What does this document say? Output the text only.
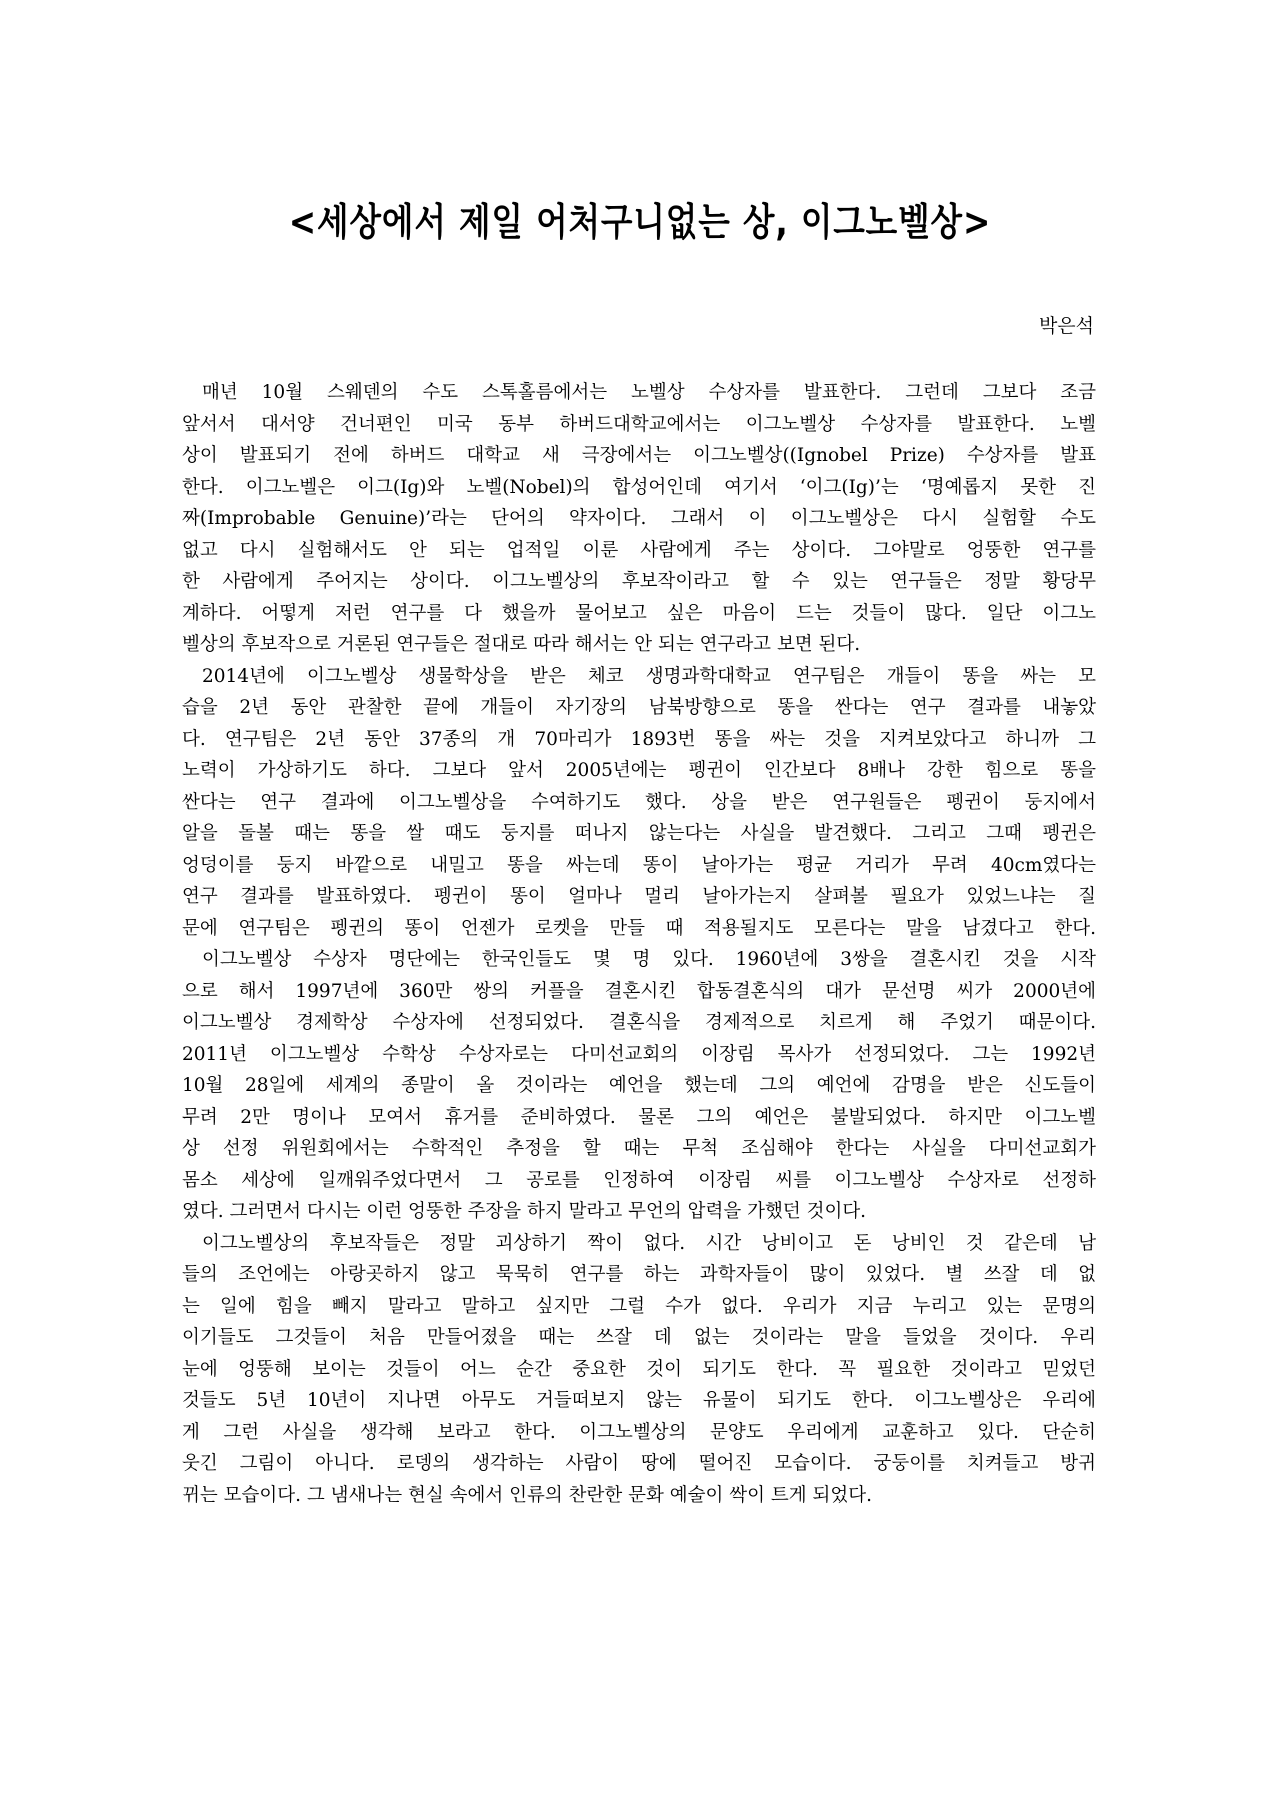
<세상에서 제일 어처구니없는 상, 이그노벨상>
박은석
매년 10월 스웨덴의 수도 스톡홀름에서는 노벨상 수상자를 발표한다. 그런데 그보다 조금
앞서서 대서양 건너편인 미국 동부 하버드대학교에서는 이그노벨상 수상자를 발표한다. 노벨
상이 발표되기 전에 하버드 대학교 새 극장에서는 이그노벨상((Ignobel Prize) 수상자를 발표
한다. 이그노벨은 이그(Ig)와 노벨(Nobel)의 합성어인데 여기서 ‘이그(Ig)’는 ‘명예롭지 못한 진
짜(Improbable Genuine)’라는 단어의 약자이다. 그래서 이 이그노벨상은 다시 실험할 수도
없고 다시 실험해서도 안 되는 업적일 이룬 사람에게 주는 상이다. 그야말로 엉뚱한 연구를
한 사람에게 주어지는 상이다. 이그노벨상의 후보작이라고 할 수 있는 연구들은 정말 황당무
계하다. 어떻게 저런 연구를 다 했을까 물어보고 싶은 마음이 드는 것들이 많다. 일단 이그노
벨상의 후보작으로 거론된 연구들은 절대로 따라 해서는 안 되는 연구라고 보면 된다.
2014년에 이그노벨상 생물학상을 받은 체코 생명과학대학교 연구팀은 개들이 똥을 싸는 모
습을 2년 동안 관찰한 끝에 개들이 자기장의 남북방향으로 똥을 싼다는 연구 결과를 내놓았
다. 연구팀은 2년 동안 37종의 개 70마리가 1893번 똥을 싸는 것을 지켜보았다고 하니까 그
노력이 가상하기도 하다. 그보다 앞서 2005년에는 펭귄이 인간보다 8배나 강한 힘으로 똥을
싼다는 연구 결과에 이그노벨상을 수여하기도 했다. 상을 받은 연구원들은 펭귄이 둥지에서
알을 돌볼 때는 똥을 쌀 때도 둥지를 떠나지 않는다는 사실을 발견했다. 그리고 그때 펭귄은
엉덩이를 둥지 바깥으로 내밀고 똥을 싸는데 똥이 날아가는 평균 거리가 무려 40cm였다는
연구 결과를 발표하였다. 펭귄이 똥이 얼마나 멀리 날아가는지 살펴볼 필요가 있었느냐는 질
문에 연구팀은 펭귄의 똥이 언젠가 로켓을 만들 때 적용될지도 모른다는 말을 남겼다고 한다.
이그노벨상 수상자 명단에는 한국인들도 몇 명 있다. 1960년에 3쌍을 결혼시킨 것을 시작
으로 해서 1997년에 360만 쌍의 커플을 결혼시킨 합동결혼식의 대가 문선명 씨가 2000년에
이그노벨상 경제학상 수상자에 선정되었다. 결혼식을 경제적으로 치르게 해 주었기 때문이다.
2011년 이그노벨상 수학상 수상자로는 다미선교회의 이장림 목사가 선정되었다. 그는 1992년
10월 28일에 세계의 종말이 올 것이라는 예언을 했는데 그의 예언에 감명을 받은 신도들이
무려 2만 명이나 모여서 휴거를 준비하였다. 물론 그의 예언은 불발되었다. 하지만 이그노벨
상 선정 위원회에서는 수학적인 추정을 할 때는 무척 조심해야 한다는 사실을 다미선교회가
몸소 세상에 일깨워주었다면서 그 공로를 인정하여 이장림 씨를 이그노벨상 수상자로 선정하
였다. 그러면서 다시는 이런 엉뚱한 주장을 하지 말라고 무언의 압력을 가했던 것이다.
이그노벨상의 후보작들은 정말 괴상하기 짝이 없다. 시간 낭비이고 돈 낭비인 것 같은데 남
들의 조언에는 아랑곳하지 않고 묵묵히 연구를 하는 과학자들이 많이 있었다. 별 쓰잘 데 없
는 일에 힘을 빼지 말라고 말하고 싶지만 그럴 수가 없다. 우리가 지금 누리고 있는 문명의
이기들도 그것들이 처음 만들어졌을 때는 쓰잘 데 없는 것이라는 말을 들었을 것이다. 우리
눈에 엉뚱해 보이는 것들이 어느 순간 중요한 것이 되기도 한다. 꼭 필요한 것이라고 믿었던
것들도 5년 10년이 지나면 아무도 거들떠보지 않는 유물이 되기도 한다. 이그노벨상은 우리에
게 그런 사실을 생각해 보라고 한다. 이그노벨상의 문양도 우리에게 교훈하고 있다. 단순히
웃긴 그림이 아니다. 로뎅의 생각하는 사람이 땅에 떨어진 모습이다. 궁둥이를 치켜들고 방귀
뀌는 모습이다. 그 냄새나는 현실 속에서 인류의 찬란한 문화 예술이 싹이 트게 되었다.
